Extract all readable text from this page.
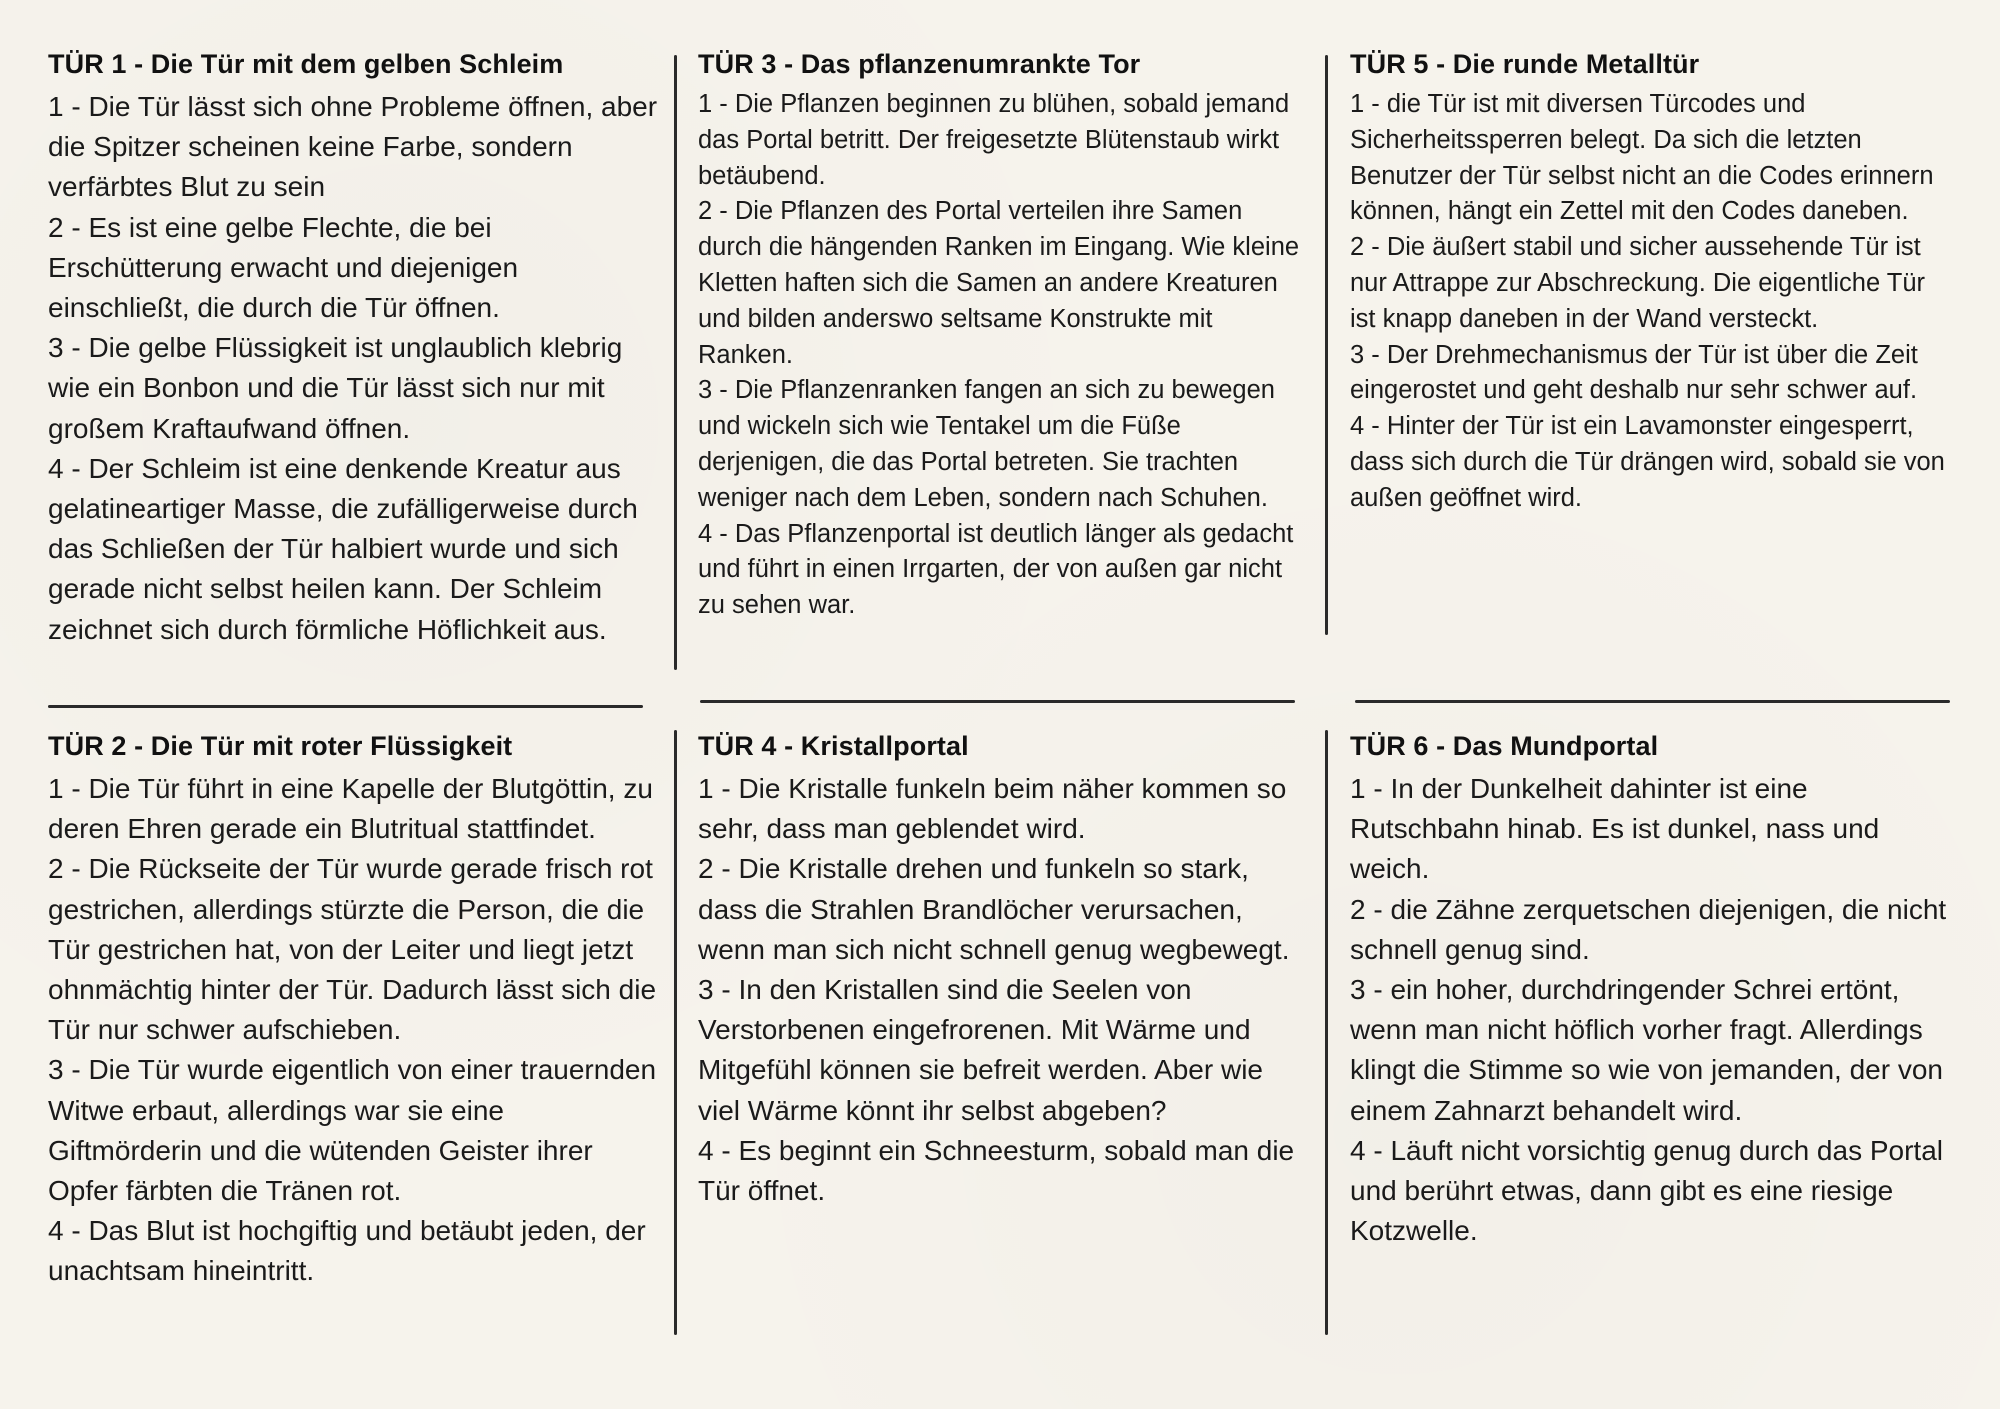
TÜR 1 - Die Tür mit dem gelben Schleim

1 - Die Tür lässt sich ohne Probleme öffnen, aber die Spitzer scheinen keine Farbe, sondern verfärbtes Blut zu sein

2 - Es ist eine gelbe Flechte, die bei Erschütterung erwacht und diejenigen einschließt, die durch die Tür öffnen.

3 - Die gelbe Flüssigkeit ist unglaublich klebrig wie ein Bonbon und die Tür lässt sich nur mit großem Kraftaufwand öffnen.

4 - Der Schleim ist eine denkende Kreatur aus gelatineartiger Masse, die zufälligerweise durch das Schließen der Tür halbiert wurde und sich gerade nicht selbst heilen kann. Der Schleim zeichnet sich durch förmliche Höflichkeit aus.

TÜR 2 - Die Tür mit roter Flüssigkeit

1 - Die Tür führt in eine Kapelle der Blutgöttin, zu deren Ehren gerade ein Blutritual stattfindet.

2 - Die Rückseite der Tür wurde gerade frisch rot gestrichen, allerdings stürzte die Person, die die Tür gestrichen hat, von der Leiter und liegt jetzt ohnmächtig hinter der Tür. Dadurch lässt sich die Tür nur schwer aufschieben.

3 - Die Tür wurde eigentlich von einer trauernden Witwe erbaut, allerdings war sie eine Giftmörderin und die wütenden Geister ihrer Opfer färbten die Tränen rot.

4 - Das Blut ist hochgiftig und betäubt jeden, der unachtsam hineintritt.

TÜR 3 - Das pflanzenumrankte Tor

1 - Die Pflanzen beginnen zu blühen, sobald jemand das Portal betritt. Der freigesetzte Blütenstaub wirkt betäubend.

2 - Die Pflanzen des Portal verteilen ihre Samen durch die hängenden Ranken im Eingang. Wie kleine Kletten haften sich die Samen an andere Kreaturen und bilden anderswo seltsame Konstrukte mit Ranken.

3 - Die Pflanzenranken fangen an sich zu bewegen und wickeln sich wie Tentakel um die Füße derjenigen, die das Portal betreten. Sie trachten weniger nach dem Leben, sondern nach Schuhen.

4 - Das Pflanzenportal ist deutlich länger als gedacht und führt in einen Irrgarten, der von außen gar nicht zu sehen war.

TÜR 4 - Kristallportal

1 - Die Kristalle funkeln beim näher kommen so sehr, dass man geblendet wird.

2 - Die Kristalle drehen und funkeln so stark, dass die Strahlen Brandlöcher verursachen, wenn man sich nicht schnell genug wegbewegt.

3 - In den Kristallen sind die Seelen von Verstorbenen eingefrorenen. Mit Wärme und Mitgefühl können sie befreit werden. Aber wie viel Wärme könnt ihr selbst abgeben?

4 - Es beginnt ein Schneesturm, sobald man die Tür öffnet.

TÜR 5 - Die runde Metalltür

1 - die Tür ist mit diversen Türcodes und Sicherheitssperren belegt. Da sich die letzten Benutzer der Tür selbst nicht an die Codes erinnern können, hängt ein Zettel mit den Codes daneben.

2 - Die äußert stabil und sicher aussehende Tür ist nur Attrappe zur Abschreckung. Die eigentliche Tür ist knapp daneben in der Wand versteckt.

3 - Der Drehmechanismus der Tür ist über die Zeit eingerostet und geht deshalb nur sehr schwer auf.

4 - Hinter der Tür ist ein Lavamonster eingesperrt, dass sich durch die Tür drängen wird, sobald sie von außen geöffnet wird.

TÜR 6 - Das Mundportal

1 - In der Dunkelheit dahinter ist eine Rutschbahn hinab. Es ist dunkel, nass und weich.

2 - die Zähne zerquetschen diejenigen, die nicht schnell genug sind.

3 - ein hoher, durchdringender Schrei ertönt, wenn man nicht höflich vorher fragt. Allerdings klingt die Stimme so wie von jemanden, der von einem Zahnarzt behandelt wird.

4 - Läuft nicht vorsichtig genug durch das Portal und berührt etwas, dann gibt es eine riesige Kotzwelle.
